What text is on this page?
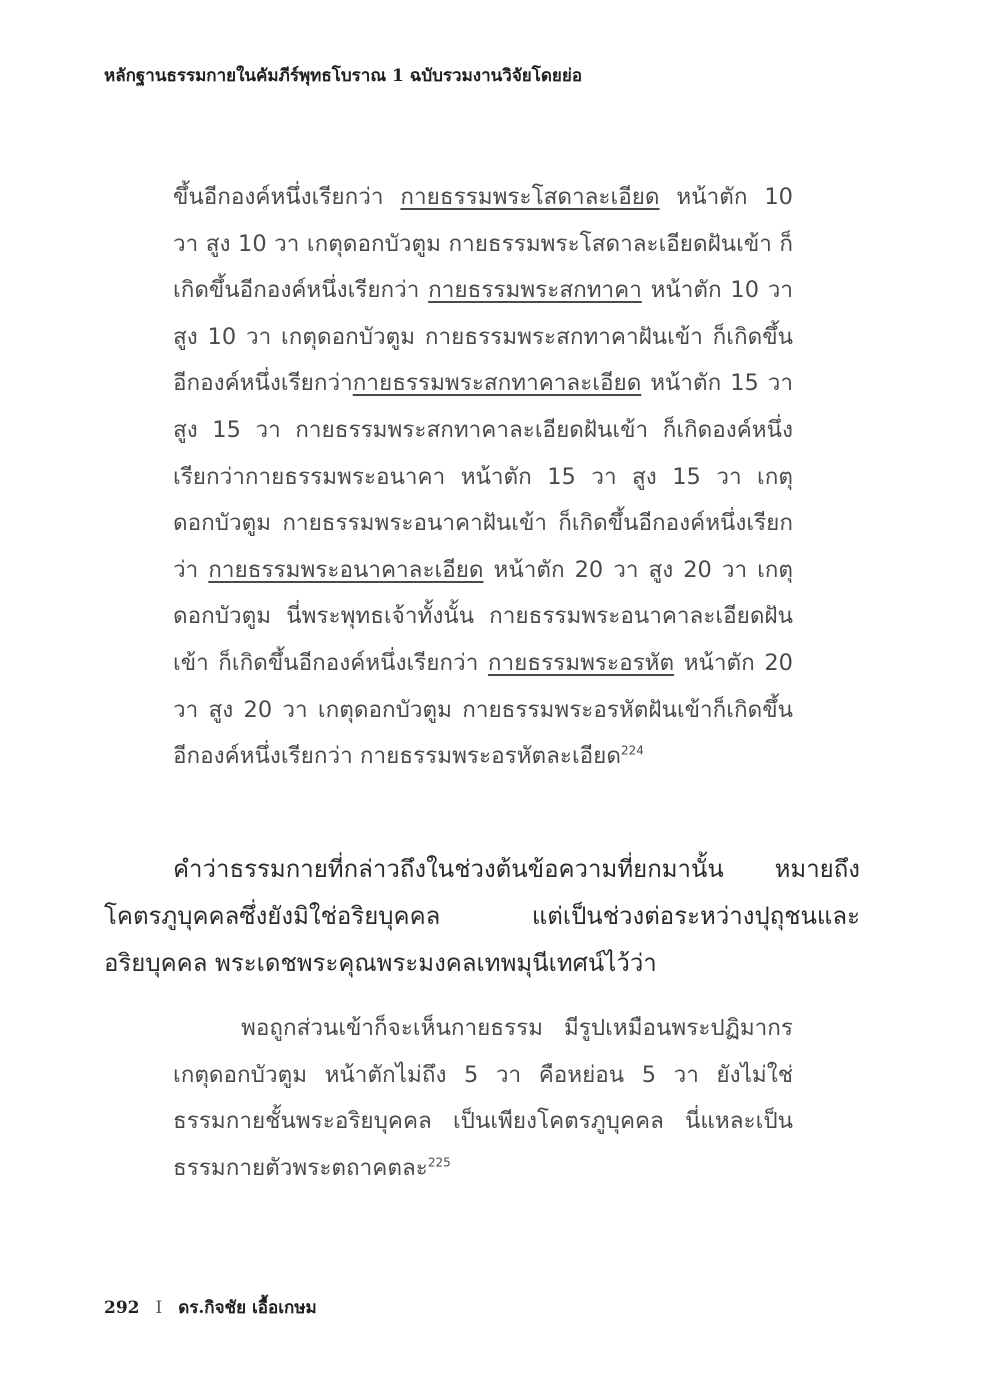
หลักฐานธรรมกายในคัมภีร์พุทธโบราณ 1 ฉบับรวมงานวิจัยโดยย่อ

ขึ้นอีกองค์หนึ่งเรียกว่า กายธรรมพระโสดาละเอียด หน้าตัก 10 วา สูง 10 วา เกตุดอกบัวตูม กายธรรมพระโสดาละเอียดฝันเข้า ก็เกิดขึ้นอีกองค์หนึ่งเรียกว่า กายธรรมพระสกทาคา หน้าตัก 10 วา สูง 10 วา เกตุดอกบัวตูม กายธรรมพระสกทาคาฝันเข้า ก็เกิดขึ้นอีกองค์หนึ่งเรียกว่ากายธรรมพระสกทาคาละเอียด หน้าตัก 15 วา สูง 15 วา กายธรรมพระสกทาคาละเอียดฝันเข้า ก็เกิดองค์หนึ่งเรียกว่ากายธรรมพระอนาคา หน้าตัก 15 วา สูง 15 วา เกตุดอกบัวตูม กายธรรมพระอนาคาฝันเข้า ก็เกิดขึ้นอีกองค์หนึ่งเรียกว่า กายธรรมพระอนาคาละเอียด หน้าตัก 20 วา สูง 20 วา เกตุดอกบัวตูม นี่พระพุทธเจ้าทั้งนั้น กายธรรมพระอนาคาละเอียดฝันเข้า ก็เกิดขึ้นอีกองค์หนึ่งเรียกว่า กายธรรมพระอรหัต หน้าตัก 20 วา สูง 20 วา เกตุดอกบัวตูม กายธรรมพระอรหัตฝันเข้าก็เกิดขึ้นอีกองค์หนึ่งเรียกว่า กายธรรมพระอรหัตละเอียด$^{224}$

คำว่าธรรมกายที่กล่าวถึงในช่วงต้นข้อความที่ยกมานั้น หมายถึงโคตรภูบุคคลซึ่งยังมิใช่อริยบุคคล แต่เป็นช่วงต่อระหว่างปุถุชนและอริยบุคคล พระเดชพระคุณพระมงคลเทพมุนีเทศน์ไว้ว่า

พอถูกส่วนเข้าก็จะเห็นกายธรรม มีรูปเหมือนพระปฏิมากร เกตุดอกบัวตูม หน้าตักไม่ถึง 5 วา คือหย่อน 5 วา ยังไม่ใช่ธรรมกายชั้นพระอริยบุคคล เป็นเพียงโคตรภูบุคคล นี่แหละเป็นธรรมกายตัวพระตถาคตละ$^{225}$

292 I ดร.กิจชัย เอื้อเกษม
